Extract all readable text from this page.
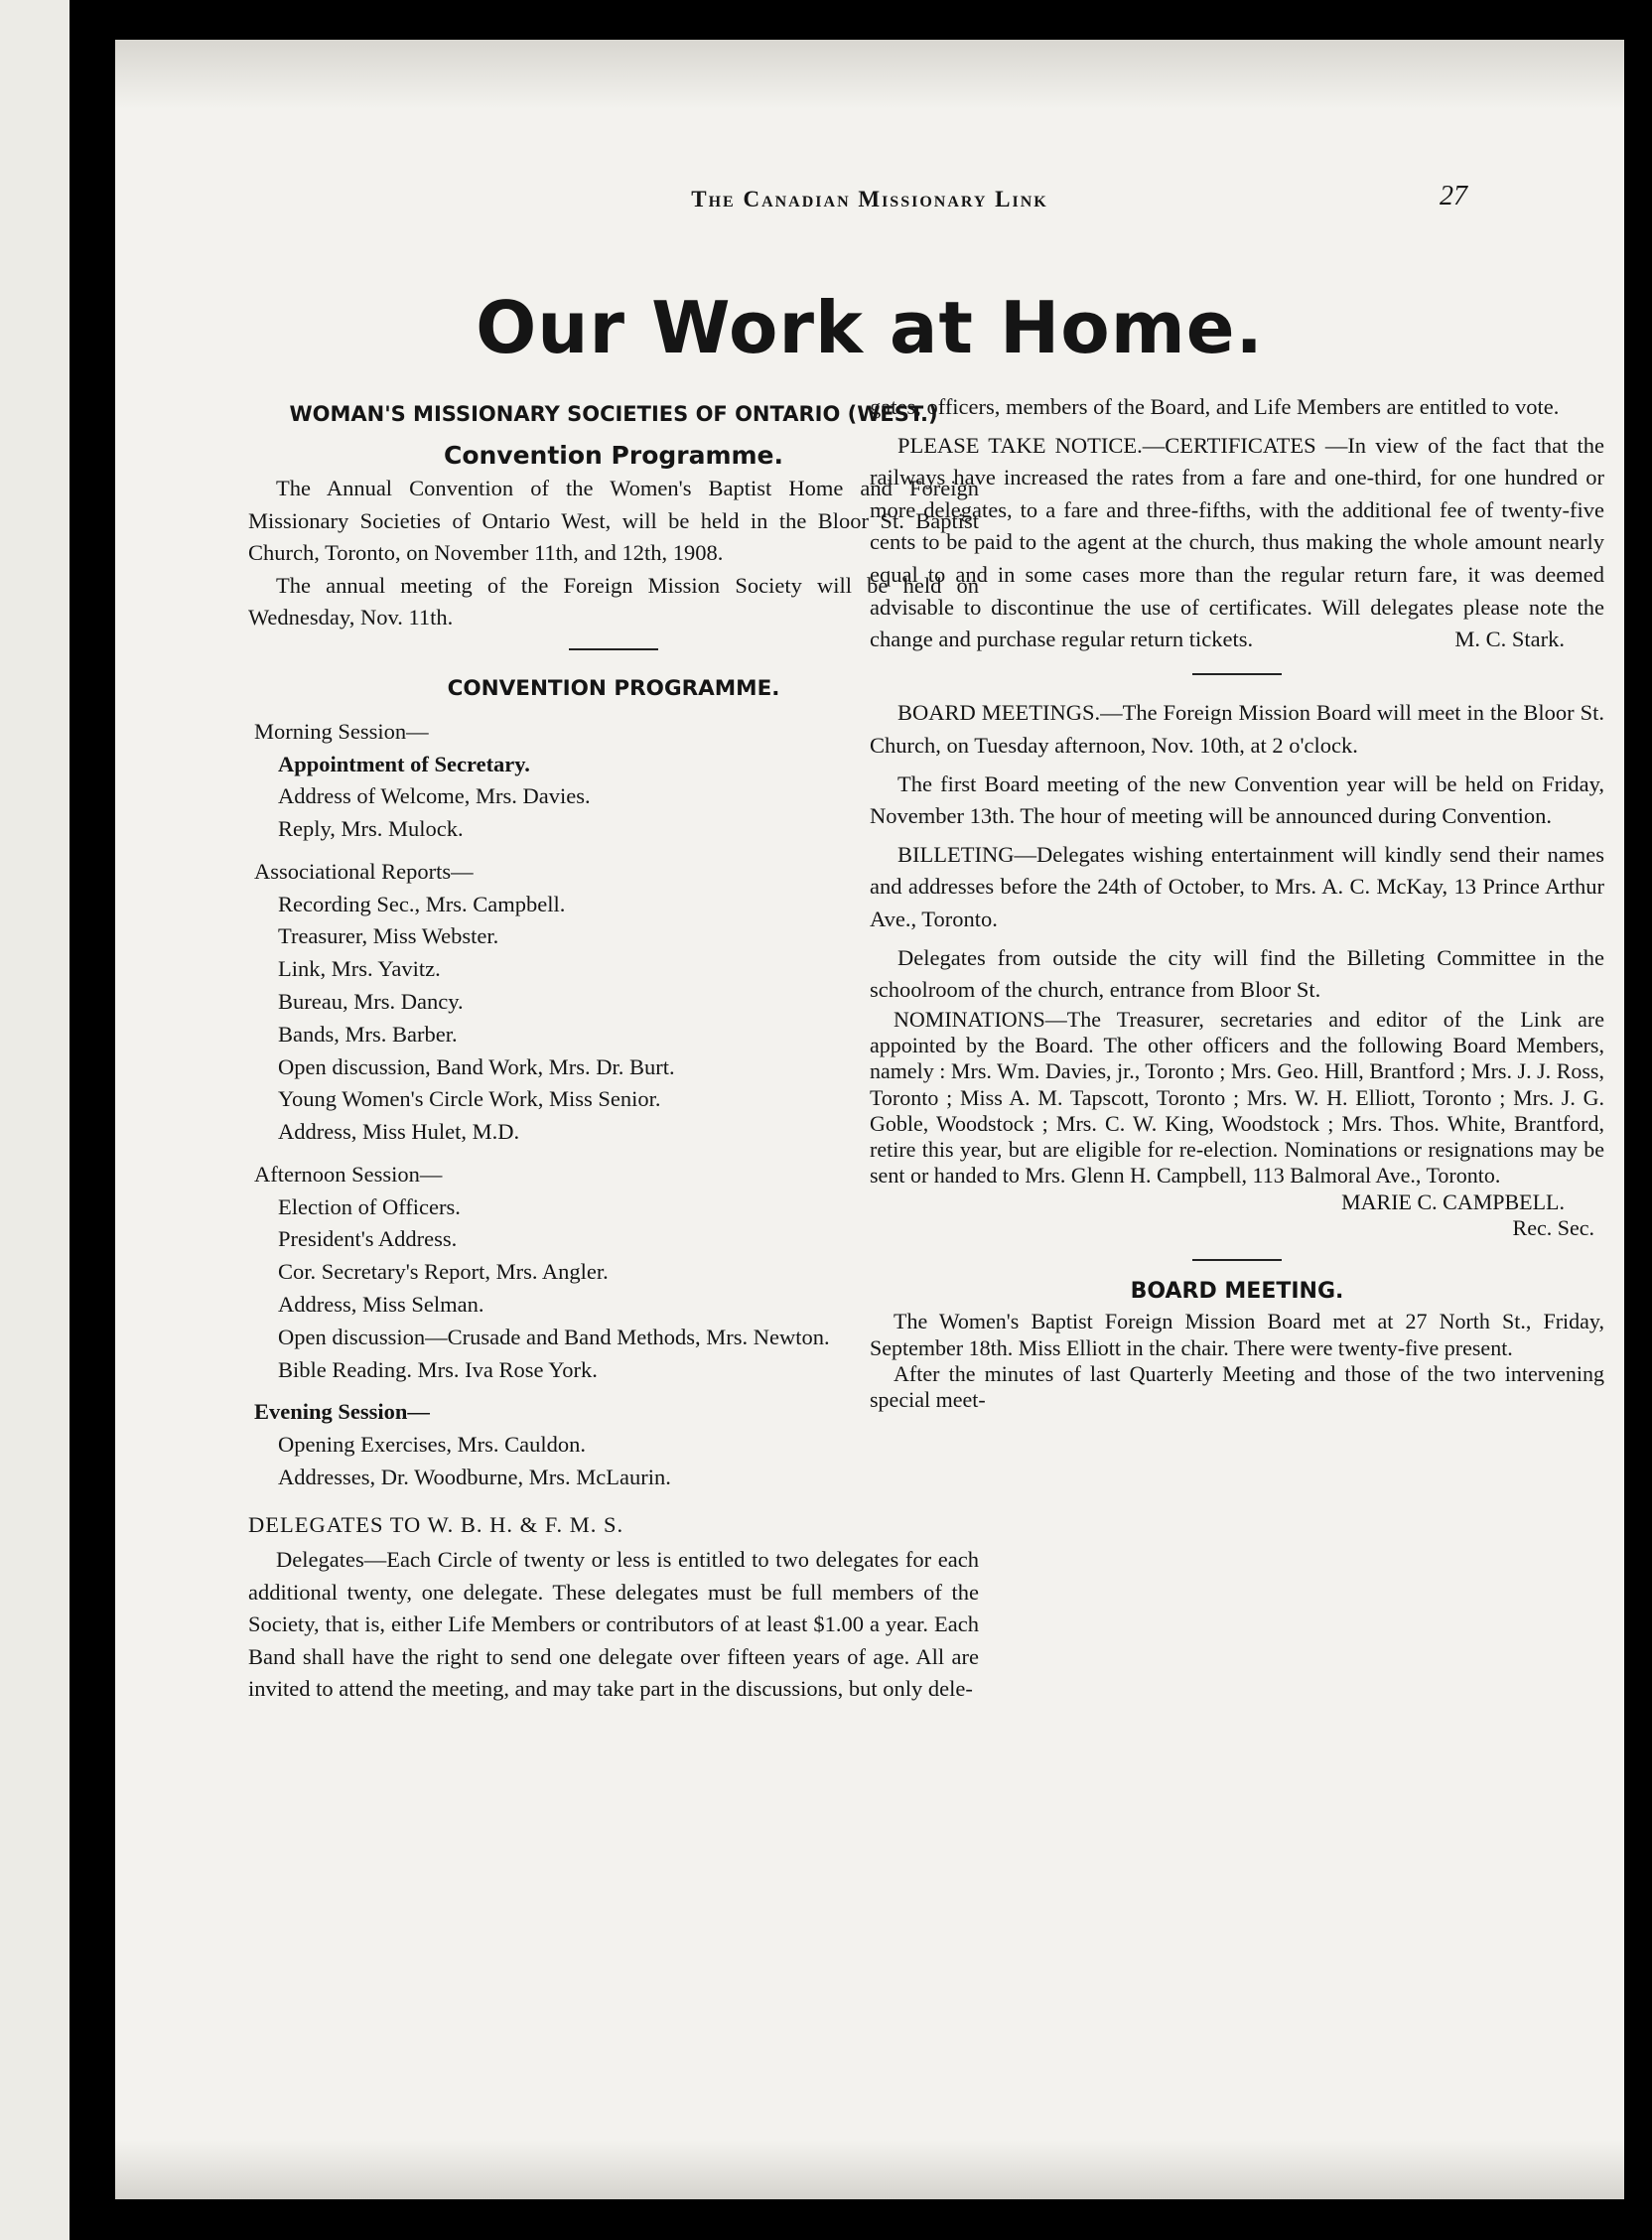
The Canadian Missionary Link	27
Our Work at Home.
WOMAN'S MISSIONARY SOCIETIES OF ONTARIO (WEST.)
Convention Programme.

The Annual Convention of the Women's Baptist Home and Foreign Missionary Societies of Ontario West, will be held in the Bloor St. Baptist Church, Toronto, on November 11th, and 12th, 1908.

The annual meeting of the Foreign Mission Society will be held on Wednesday, Nov. 11th.

CONVENTION PROGRAMME.
Morning Session—
Appointment of Secretary.
Address of Welcome, Mrs. Davies.
Reply, Mrs. Mulock.
Associational Reports—
Recording Sec., Mrs. Campbell.
Treasurer, Miss Webster.
Link, Mrs. Yavitz.
Bureau, Mrs. Dancy.
Bands, Mrs. Barber.
Open discussion, Band Work, Mrs. Dr. Burt.
Young Women's Circle Work, Miss Senior.
Address, Miss Hulet, M.D.
Afternoon Session—
Election of Officers.
President's Address.
Cor. Secretary's Report, Mrs. Angler.
Address, Miss Selman.
Open discussion—Crusade and Band Methods, Mrs. Newton.
Bible Reading. Mrs. Iva Rose York.
Evening Session—
Opening Exercises, Mrs. Cauldon.
Addresses, Dr. Woodburne, Mrs. McLaurin.
DELEGATES TO W. B. H. & F. M. S.

Delegates—Each Circle of twenty or less is entitled to two delegates for each additional twenty, one delegate. These delegates must be full members of the Society, that is, either Life Members or contributors of at least $1.00 a year. Each Band shall have the right to send one delegate over fifteen years of age. All are invited to attend the meeting, and may take part in the discussions, but only dele-

gates, officers, members of the Board, and Life Members are entitled to vote.

PLEASE TAKE NOTICE.—CERTIFICATES —In view of the fact that the railways have increased the rates from a fare and one-third, for one hundred or more delegates, to a fare and three-fifths, with the additional fee of twenty-five cents to be paid to the agent at the church, thus making the whole amount nearly equal to and in some cases more than the regular return fare, it was deemed advisable to discontinue the use of certificates. Will delegates please note the change and purchase regular return tickets.	M. C. Stark.

BOARD MEETINGS.—The Foreign Mission Board will meet in the Bloor St. Church, on Tuesday afternoon, Nov. 10th, at 2 o'clock.

The first Board meeting of the new Convention year will be held on Friday, November 13th. The hour of meeting will be announced during Convention.

BILLETING—Delegates wishing entertainment will kindly send their names and addresses before the 24th of October, to Mrs. A. C. McKay, 13 Prince Arthur Ave., Toronto.

Delegates from outside the city will find the Billeting Committee in the schoolroom of the church, entrance from Bloor St.

NOMINATIONS—The Treasurer, secretaries and editor of the Link are appointed by the Board. The other officers and the following Board Members, namely : Mrs. Wm. Davies, jr., Toronto ; Mrs. Geo. Hill, Brantford ; Mrs. J. J. Ross, Toronto ; Miss A. M. Tapscott, Toronto ; Mrs. W. H. Elliott, Toronto ; Mrs. J. G. Goble, Woodstock ; Mrs. C. W. King, Woodstock ; Mrs. Thos. White, Brantford, retire this year, but are eligible for re-election. Nominations or resignations may be sent or handed to Mrs. Glenn H. Campbell, 113 Balmoral Ave., Toronto.

MARIE C. CAMPBELL.
Rec. Sec.
BOARD MEETING.

The Women's Baptist Foreign Mission Board met at 27 North St., Friday, September 18th. Miss Elliott in the chair. There were twenty-five present.

After the minutes of last Quarterly Meeting and those of the two intervening special meet-
